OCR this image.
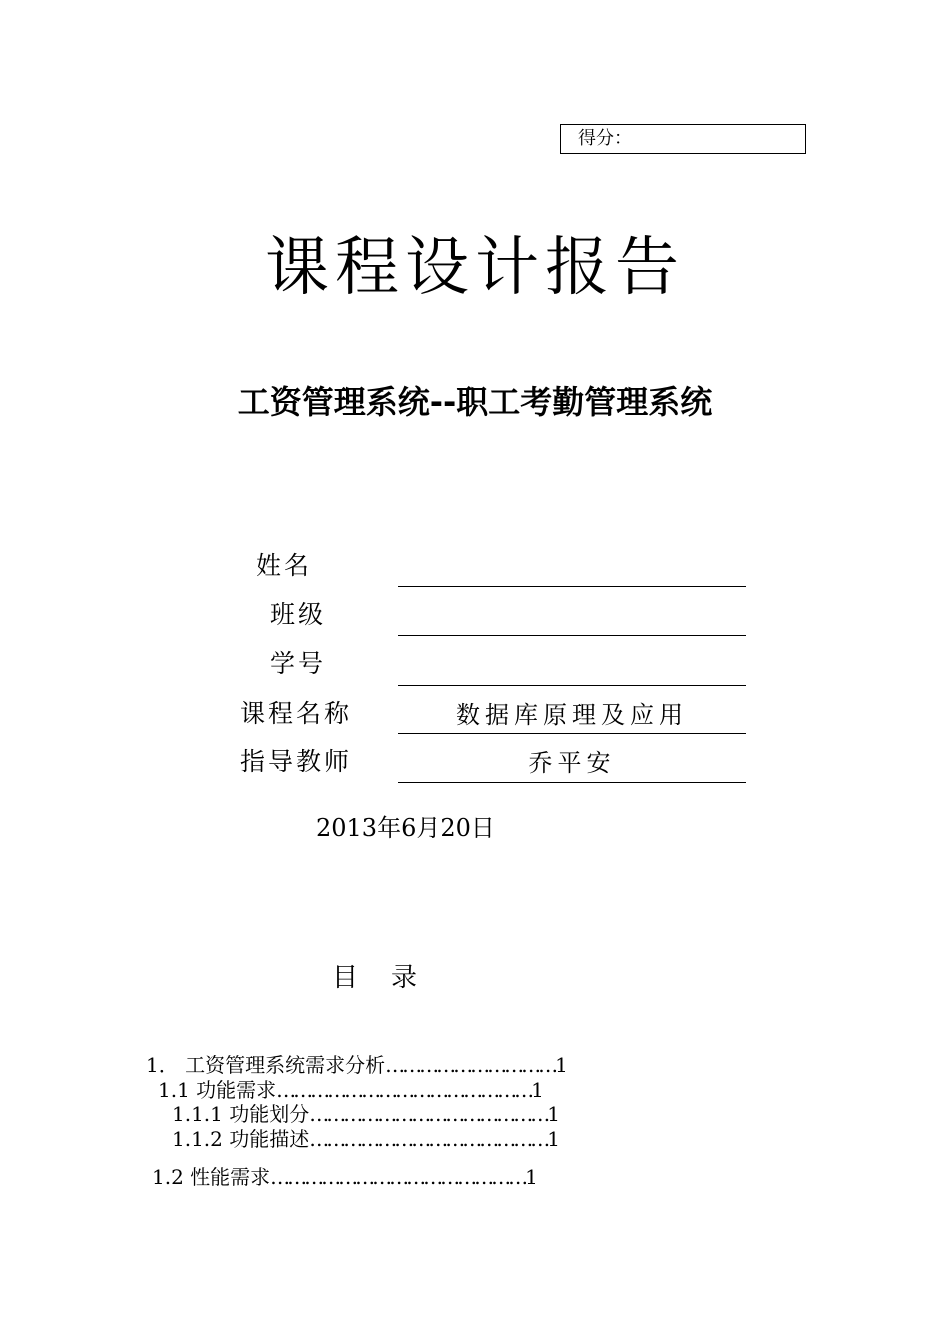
得分：
课程设计报告
工资管理系统--职工考勤管理系统
姓名
班级
学号
课程名称	数据库原理及应用
指导教师	乔平安
2013年6月20日
目    录
1． 工资管理系统需求分析…………………………1
1.1 功能需求………………………………………1
1.1.1 功能划分……………………………………1
1.1.2 功能描述……………………………………1
1.2 性能需求………………………………………1
